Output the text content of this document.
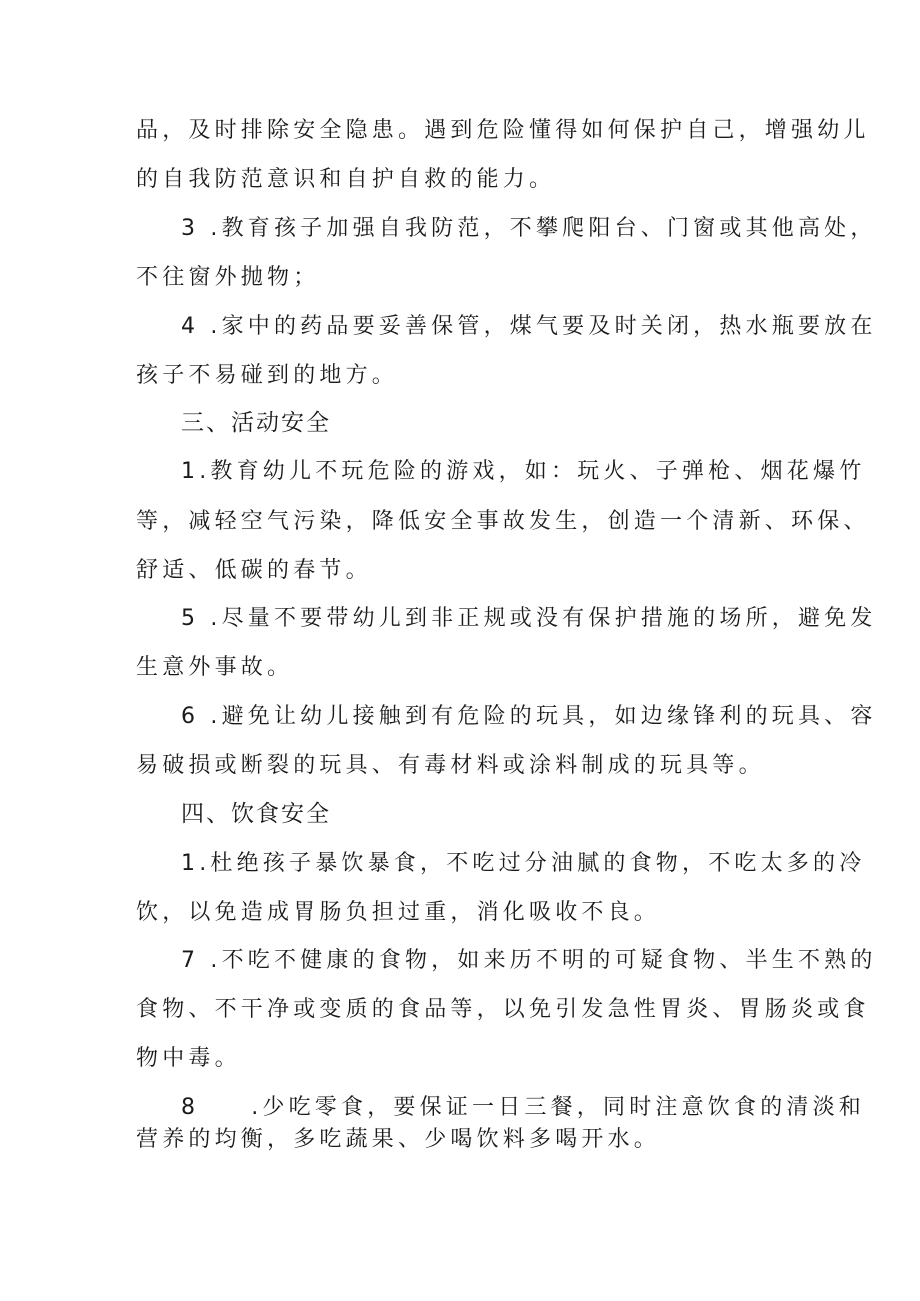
品，及时排除安全隐患。遇到危险懂得如何保护自己，增强幼儿
的自我防范意识和自护自救的能力。
3 .教育孩子加强自我防范，不攀爬阳台、门窗或其他高处，
不往窗外抛物；
4 .家中的药品要妥善保管，煤气要及时关闭，热水瓶要放在
孩子不易碰到的地方。
三、活动安全
1.教育幼儿不玩危险的游戏，如：玩火、子弹枪、烟花爆竹
等，减轻空气污染，降低安全事故发生，创造一个清新、环保、
舒适、低碳的春节。
5 .尽量不要带幼儿到非正规或没有保护措施的场所，避免发
生意外事故。
6 .避免让幼儿接触到有危险的玩具，如边缘锋利的玩具、容
易破损或断裂的玩具、有毒材料或涂料制成的玩具等。
四、饮食安全
1.杜绝孩子暴饮暴食，不吃过分油腻的食物，不吃太多的冷
饮，以免造成胃肠负担过重，消化吸收不良。
7 .不吃不健康的食物，如来历不明的可疑食物、半生不熟的
食物、不干净或变质的食品等，以免引发急性胃炎、胃肠炎或食
物中毒。
8 .少吃零食，要保证一日三餐，同时注意饮食的清淡和
营养的均衡，多吃蔬果、少喝饮料多喝开水。
